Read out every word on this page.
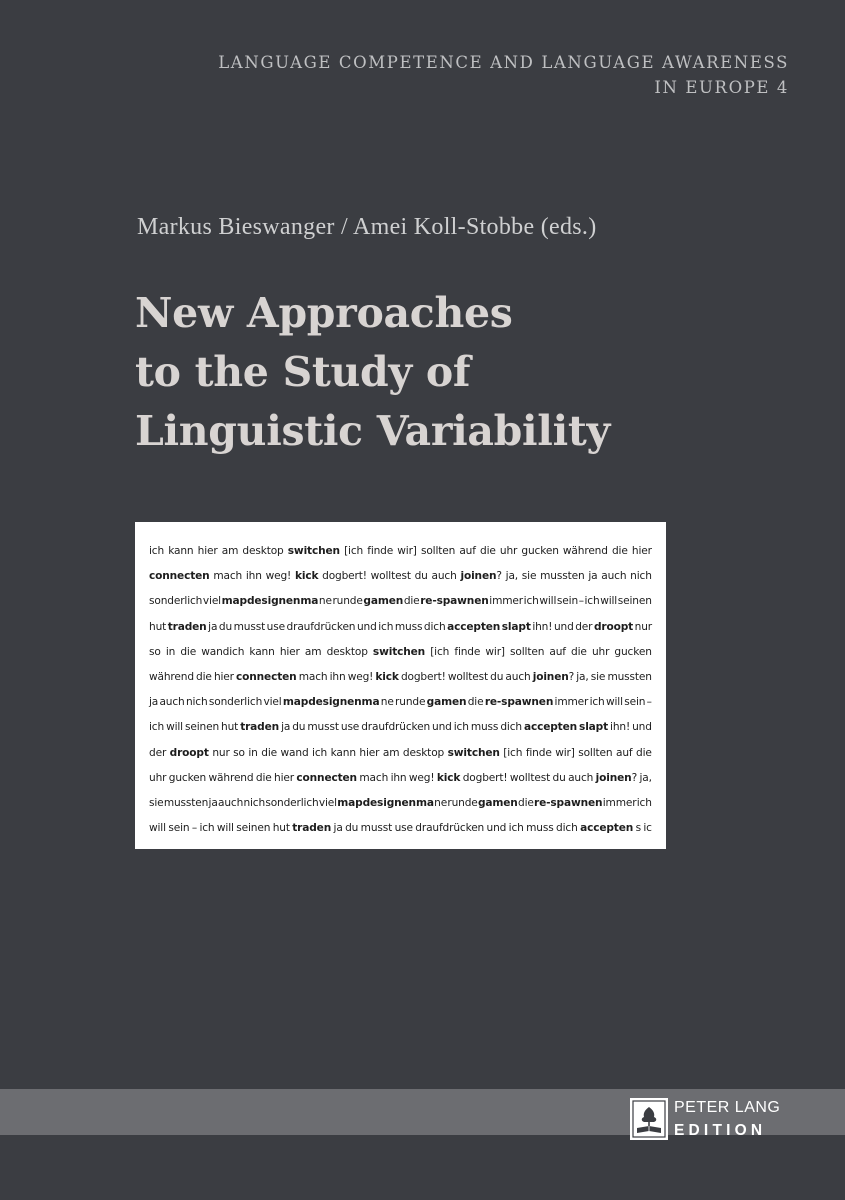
LANGUAGE COMPETENCE AND LANGUAGE AWARENESS
IN EUROPE 4
Markus Bieswanger / Amei Koll-Stobbe (eds.)
New Approaches
to the Study of
Linguistic Variability
ich kann hier am desktop switchen [ich finde wir] sollten auf die uhr gucken während die hier
connecten mach ihn weg! kick dogbert! wolltest du auch joinen? ja, sie mussten ja auch nich
sonderlich viel mapdesignenma ne runde gamen die re-spawnen immer ich will sein – ich will seinen
hut traden ja du musst use draufdrücken und ich muss dich accepten slapt ihn! und der droopt nur
so in die wandich kann hier am desktop switchen [ich finde wir] sollten auf die uhr gucken
während die hier connecten mach ihn weg! kick dogbert! wolltest du auch joinen? ja, sie mussten
ja auch nich sonderlich viel mapdesignenma ne runde gamen die re-spawnen immer ich will sein –
ich will seinen hut traden ja du musst use draufdrücken und ich muss dich accepten slapt ihn! und
der droopt nur so in die wand ich kann hier am desktop switchen [ich finde wir] sollten auf die
uhr gucken während die hier connecten mach ihn weg! kick dogbert! wolltest du auch joinen? ja,
sie mussten ja auch nich sonderlich viel mapdesignenma ne runde gamen die re-spawnen immer ich
will sein – ich will seinen hut traden ja du musst use draufdrücken und ich muss dich accepten s ic
PETER LANG
EDITION
